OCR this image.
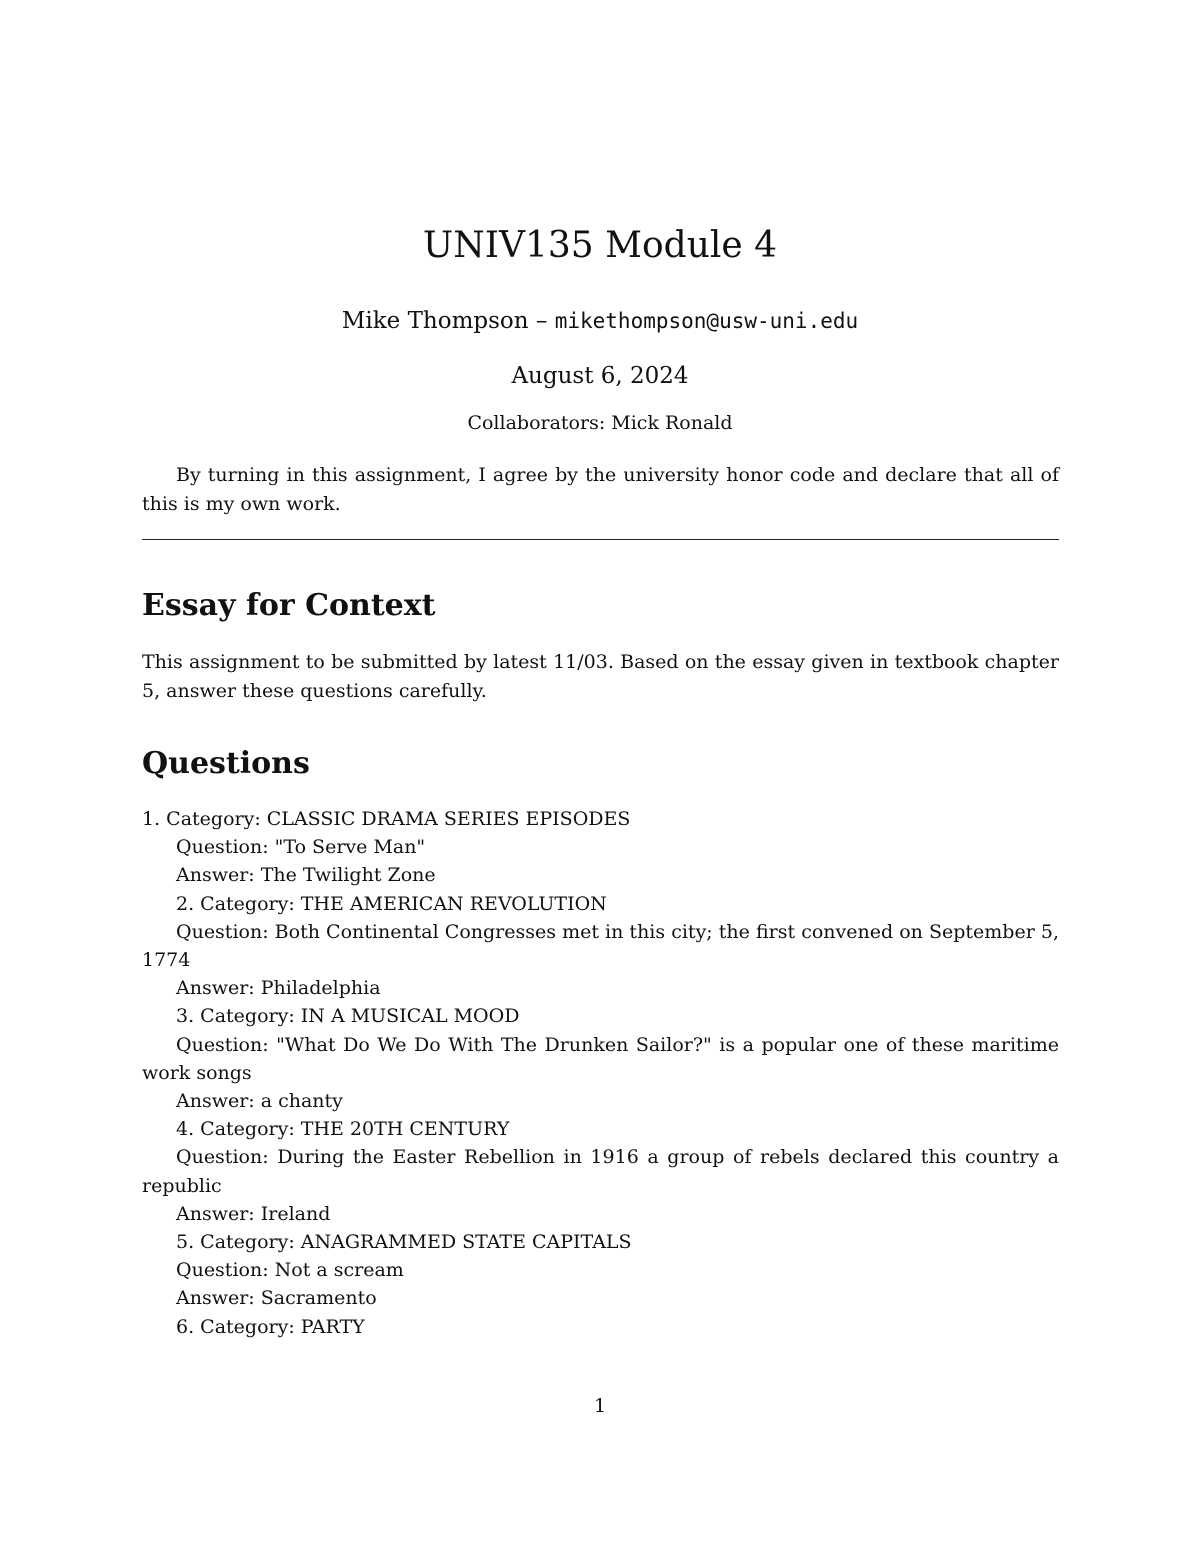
UNIV135 Module 4
Mike Thompson – mikethompson@usw-uni.edu
August 6, 2024
Collaborators: Mick Ronald

By turning in this assignment, I agree by the university honor code and declare that all of this is my own work.

Essay for Context

This assignment to be submitted by latest 11/03. Based on the essay given in textbook chapter 5, answer these questions carefully.

Questions

1. Category: CLASSIC DRAMA SERIES EPISODES

Question: "To Serve Man"

Answer: The Twilight Zone

2. Category: THE AMERICAN REVOLUTION

Question: Both Continental Congresses met in this city; the first convened on September 5, 1774

Answer: Philadelphia

3. Category: IN A MUSICAL MOOD

Question: "What Do We Do With The Drunken Sailor?" is a popular one of these maritime work songs

Answer: a chanty

4. Category: THE 20TH CENTURY

Question: During the Easter Rebellion in 1916 a group of rebels declared this country a republic

Answer: Ireland

5. Category: ANAGRAMMED STATE CAPITALS

Question: Not a scream

Answer: Sacramento

6. Category: PARTY

1
